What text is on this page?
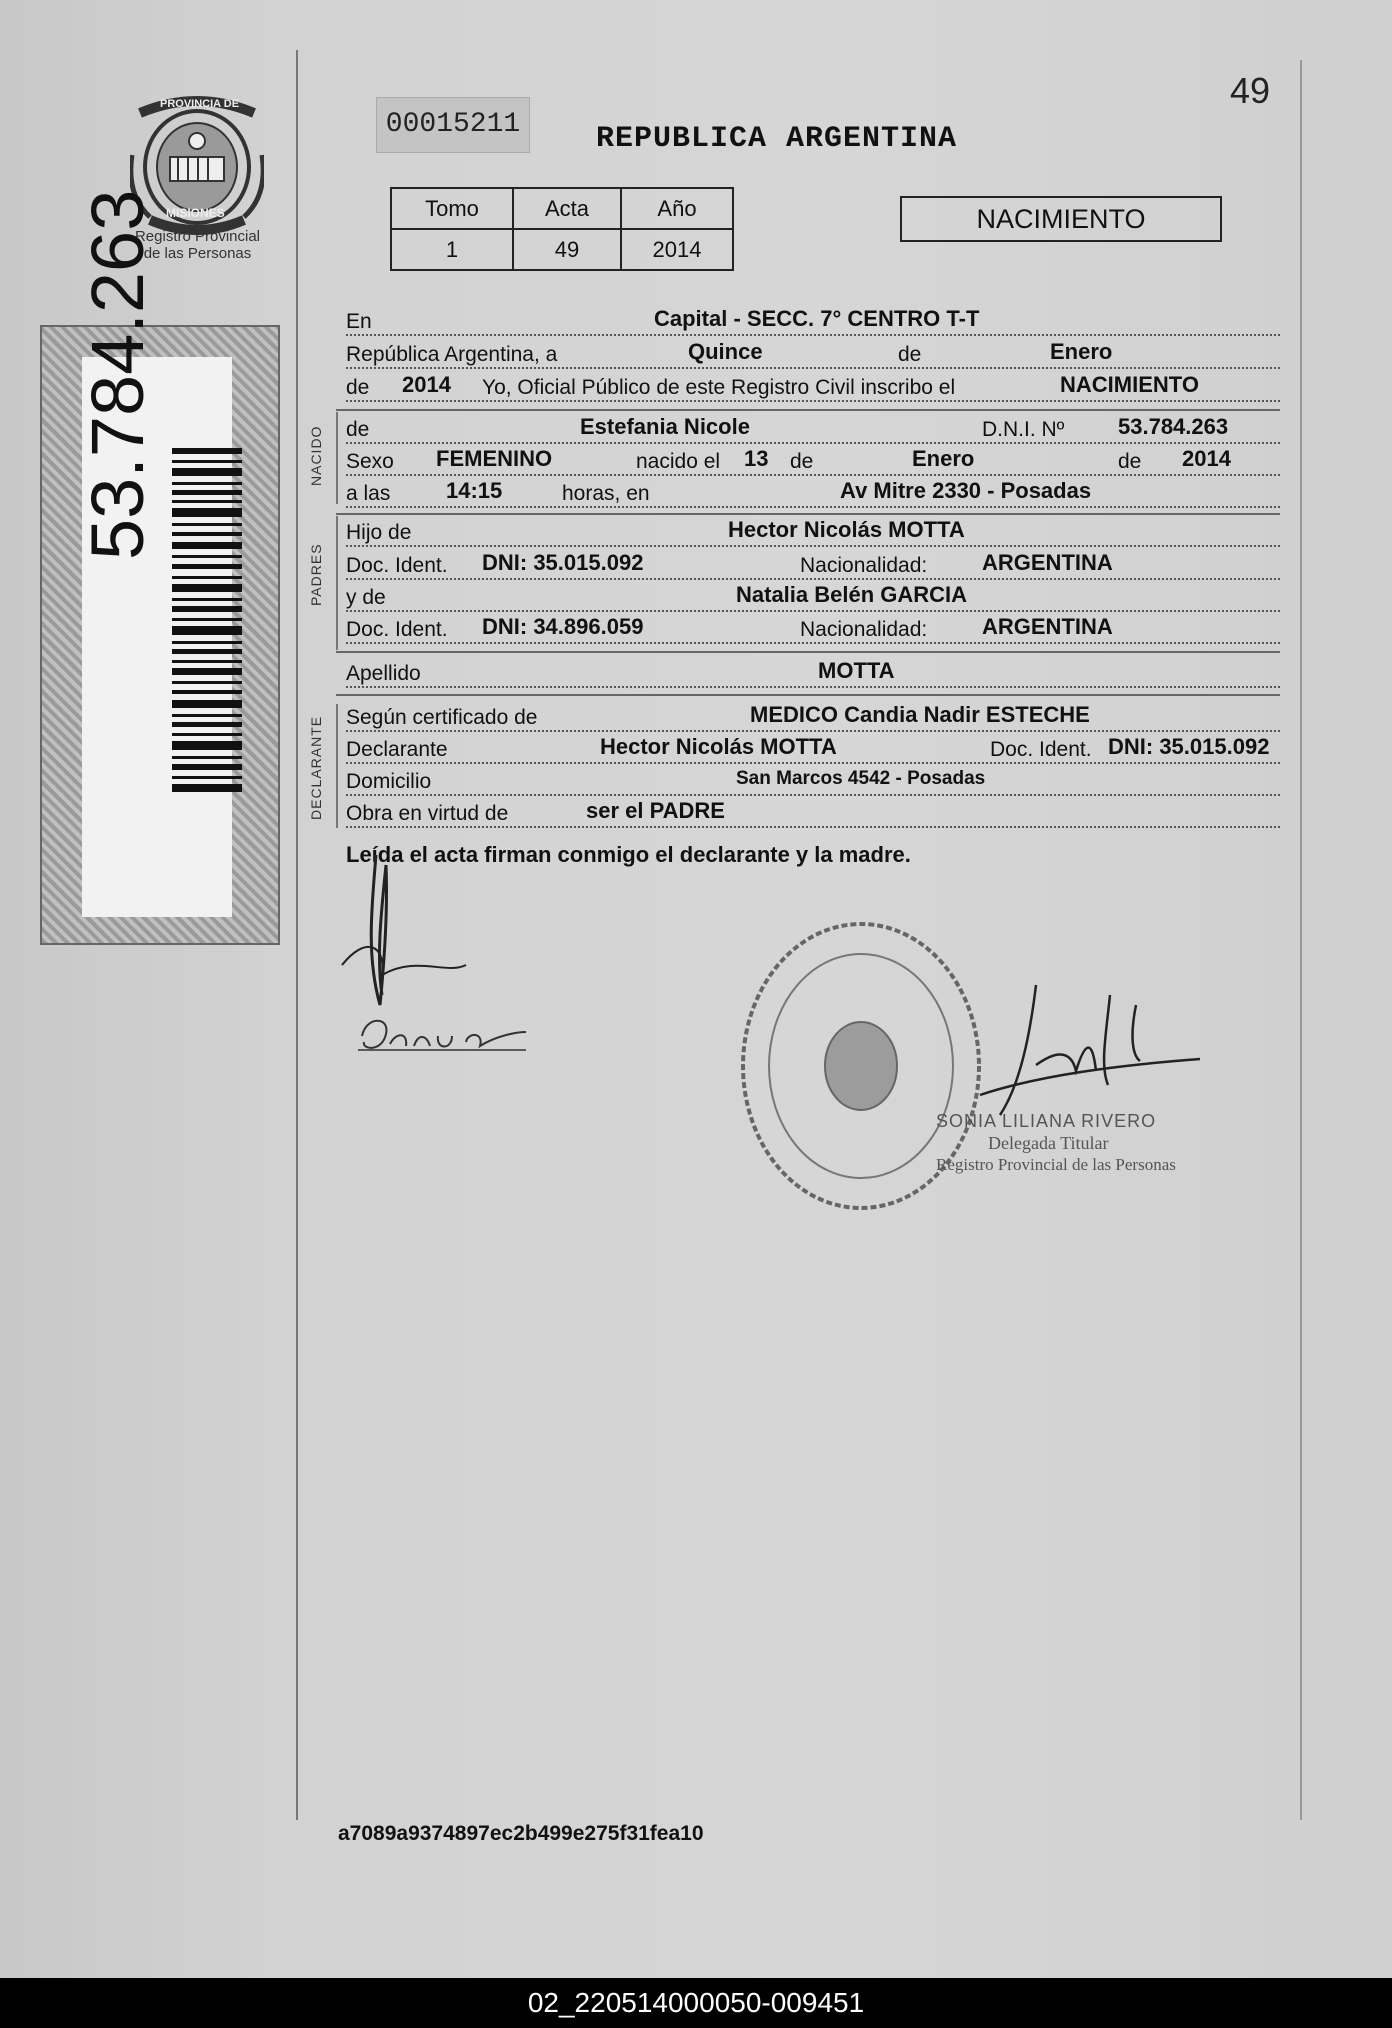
PROVINCIA DE
MISIONES
Registro Provincial
de las Personas
53.784.263
49
00015211	REPUBLICA ARGENTINA
Tomo	Acta	Año
1	49	2014
NACIMIENTO
En	Capital - SECC. 7° CENTRO T-T
República Argentina, a	Quince	de	Enero
de 2014 Yo, Oficial Público de este Registro Civil inscribo el	NACIMIENTO
NACIDO de	Estefania Nicole	D.N.I. Nº 53.784.263
Sexo FEMENINO	nacido el 13 de	Enero	de 2014
a las	14:15	horas, en	Av Mitre 2330 - Posadas
PADRES
Hijo de	Hector Nicolás MOTTA
Doc. Ident. DNI: 35.015.092	Nacionalidad: ARGENTINA
y de	Natalia Belén GARCIA
Doc. Ident. DNI: 34.896.059	Nacionalidad: ARGENTINA
Apellido	MOTTA
DECLARANTE Según certificado de	MEDICO Candia Nadir ESTECHE
Declarante	Hector Nicolás MOTTA	Doc. Ident. DNI: 35.015.092
Domicilio	San Marcos 4542 - Posadas
Obra en virtud de	ser el PADRE
Leída el acta firman conmigo el declarante y la madre.
SONIA LILIANA RIVERO
Delegada Titular
Registro Provincial de las Personas
a7089a9374897ec2b499e275f31fea10
02_220514000050-009451
